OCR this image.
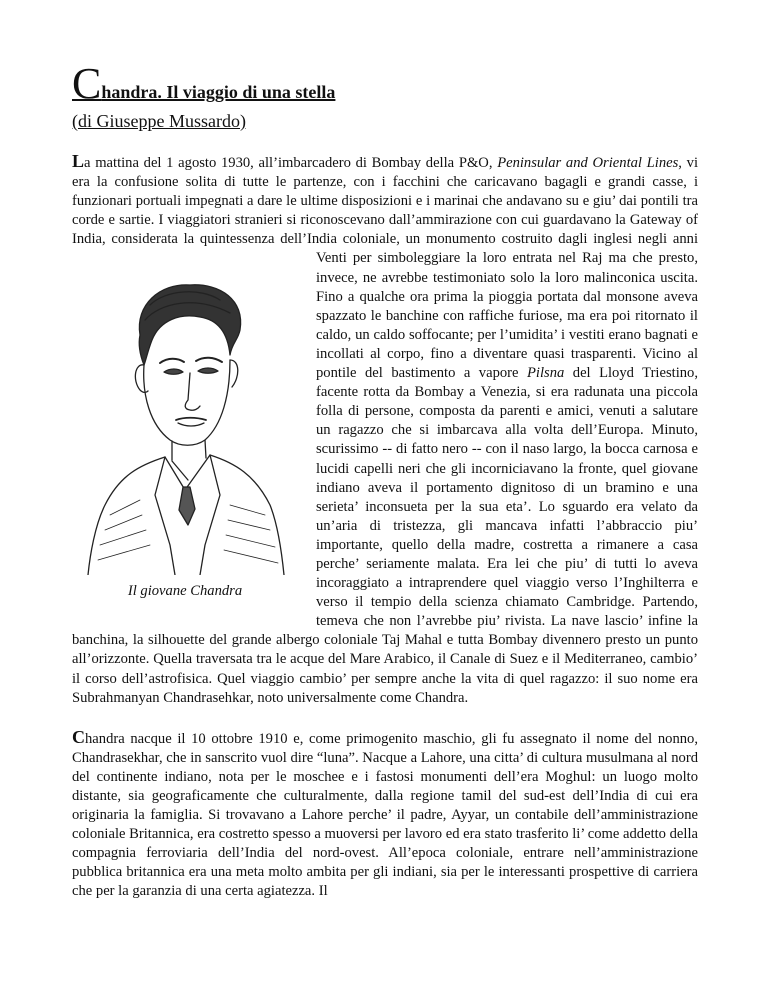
Chandra. Il viaggio di una stella
(di Giuseppe Mussardo)

La mattina del 1 agosto 1930, all’imbarcadero di Bombay della P&O, Peninsular and Oriental Lines, vi era la confusione solita di tutte le partenze, con i facchini che caricavano bagagli e grandi casse, i funzionari portuali impegnati a dare le ultime disposizioni e i marinai che andavano su e giu’ dai pontili tra corde e sartie. I viaggiatori stranieri si riconoscevano dall’ammirazione con cui guardavano la Gateway of India, considerata la quintessenza dell’India coloniale, un monumento
Il giovane Chandra
costruito dagli inglesi negli anni Venti per simboleggiare la loro entrata nel Raj ma che presto, invece, ne avrebbe testimoniato solo la loro malinconica uscita. Fino a qualche ora prima la pioggia portata dal monsone aveva spazzato le banchine con raffiche furiose, ma era poi ritornato il caldo, un caldo soffocante; per l’umidita’ i vestiti erano bagnati e incollati al corpo, fino a diventare quasi trasparenti. Vicino al pontile del bastimento a vapore Pilsna del Lloyd Triestino, facente rotta da Bombay a Venezia, si era radunata una piccola folla di persone, composta da parenti e amici, venuti a salutare un ragazzo che si imbarcava alla volta dell’Europa. Minuto, scurissimo -- di fatto nero -- con il naso largo, la bocca carnosa e lucidi capelli neri che gli incorniciavano la fronte, quel giovane indiano aveva il portamento dignitoso di un bramino e una serieta’ inconsueta per la sua eta’. Lo sguardo era velato da un’aria di tristezza, gli mancava infatti l’abbraccio piu’ importante, quello della madre, costretta a rimanere a casa perche’ seriamente malata. Era lei che piu’ di tutti lo aveva incoraggiato a intraprendere quel viaggio verso l’Inghilterra e verso il tempio della scienza chiamato Cambridge. Partendo, temeva che non l’avrebbe piu’ rivista. La nave lascio’ infine la banchina, la silhouette del grande albergo coloniale Taj Mahal e tutta Bombay divennero presto un punto all’orizzonte. Quella traversata tra le acque del Mare Arabico, il Canale di Suez e il Mediterraneo, cambio’ il corso dell’astrofisica. Quel viaggio cambio’ per sempre anche la vita di quel ragazzo: il suo nome era Subrahmanyan Chandrasehkar, noto universalmente come Chandra.

Chandra nacque il 10 ottobre 1910 e, come primogenito maschio, gli fu assegnato il nome del nonno, Chandrasekhar, che in sanscrito vuol dire “luna”. Nacque a Lahore, una citta’ di cultura musulmana al nord del continente indiano, nota per le moschee e i fastosi monumenti dell’era Moghul: un luogo molto distante, sia geograficamente che culturalmente, dalla regione tamil del sud-est dell’India di cui era originaria la famiglia. Si trovavano a Lahore perche’ il padre, Ayyar, un contabile dell’amministrazione coloniale Britannica, era costretto spesso a muoversi per lavoro ed era stato trasferito li’ come addetto della compagnia ferroviaria dell’India del nord-ovest. All’epoca coloniale, entrare nell’amministrazione pubblica britannica era una meta molto ambita per gli indiani, sia per le interessanti prospettive di carriera che per la garanzia di una certa agiatezza. Il
